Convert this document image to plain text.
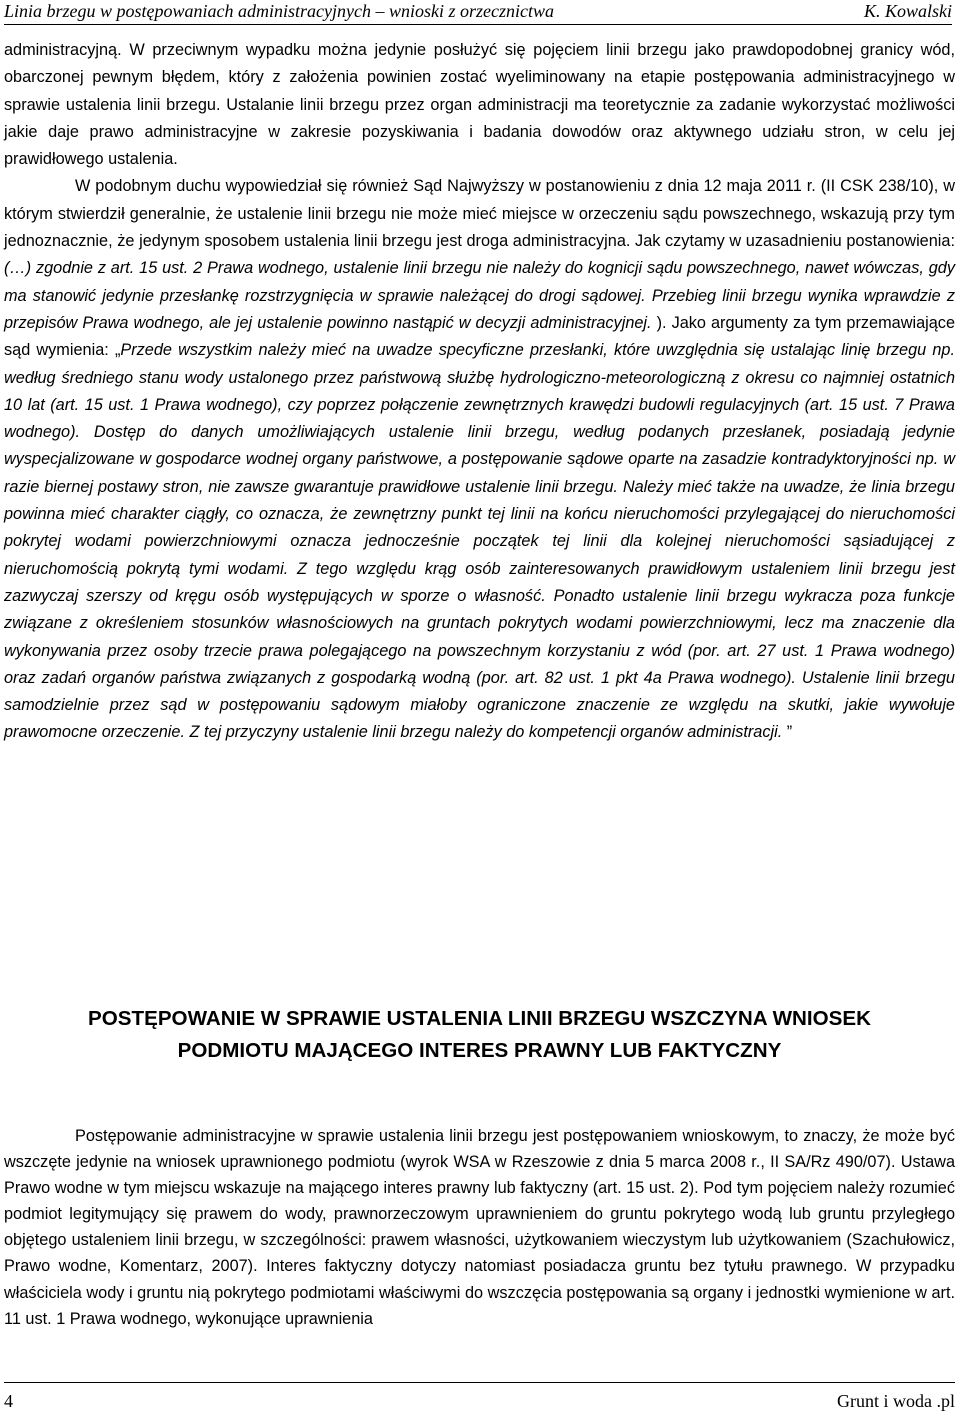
Linia brzegu w postępowaniach administracyjnych – wnioski z orzecznictwa	K. Kowalski

administracyjną. W przeciwnym wypadku można jedynie posłużyć się pojęciem linii brzegu jako prawdopodobnej granicy wód, obarczonej pewnym błędem, który z założenia powinien zostać wyeliminowany na etapie postępowania administracyjnego w sprawie ustalenia linii brzegu. Ustalanie linii brzegu przez organ administracji ma teoretycznie za zadanie wykorzystać możliwości jakie daje prawo administracyjne w zakresie pozyskiwania i badania dowodów oraz aktywnego udziału stron, w celu jej prawidłowego ustalenia.

W podobnym duchu wypowiedział się również Sąd Najwyższy w postanowieniu z dnia 12 maja 2011 r. (II CSK 238/10), w którym stwierdził generalnie, że ustalenie linii brzegu nie może mieć miejsce w orzeczeniu sądu powszechnego, wskazują przy tym jednoznacznie, że jedynym sposobem ustalenia linii brzegu jest droga administracyjna. Jak czytamy w uzasadnieniu postanowienia: (…) zgodnie z art. 15 ust. 2 Prawa wodnego, ustalenie linii brzegu nie należy do kognicji sądu powszechnego, nawet wówczas, gdy ma stanowić jedynie przesłankę rozstrzygnięcia w sprawie należącej do drogi sądowej. Przebieg linii brzegu wynika wprawdzie z przepisów Prawa wodnego, ale jej ustalenie powinno nastąpić w decyzji administracyjnej. ). Jako argumenty za tym przemawiające sąd wymienia: „Przede wszystkim należy mieć na uwadze specyficzne przesłanki, które uwzględnia się ustalając linię brzegu np. według średniego stanu wody ustalonego przez państwową służbę hydrologiczno-meteorologiczną z okresu co najmniej ostatnich 10 lat (art. 15 ust. 1 Prawa wodnego), czy poprzez połączenie zewnętrznych krawędzi budowli regulacyjnych (art. 15 ust. 7 Prawa wodnego). Dostęp do danych umożliwiających ustalenie linii brzegu, według podanych przesłanek, posiadają jedynie wyspecjalizowane w gospodarce wodnej organy państwowe, a postępowanie sądowe oparte na zasadzie kontradyktoryjności np. w razie biernej postawy stron, nie zawsze gwarantuje prawidłowe ustalenie linii brzegu. Należy mieć także na uwadze, że linia brzegu powinna mieć charakter ciągły, co oznacza, że zewnętrzny punkt tej linii na końcu nieruchomości przylegającej do nieruchomości pokrytej wodami powierzchniowymi oznacza jednocześnie początek tej linii dla kolejnej nieruchomości sąsiadującej z nieruchomością pokrytą tymi wodami. Z tego względu krąg osób zainteresowanych prawidłowym ustaleniem linii brzegu jest zazwyczaj szerszy od kręgu osób występujących w sporze o własność. Ponadto ustalenie linii brzegu wykracza poza funkcje związane z określeniem stosunków własnościowych na gruntach pokrytych wodami powierzchniowymi, lecz ma znaczenie dla wykonywania przez osoby trzecie prawa polegającego na powszechnym korzystaniu z wód (por. art. 27 ust. 1 Prawa wodnego) oraz zadań organów państwa związanych z gospodarką wodną (por. art. 82 ust. 1 pkt 4a Prawa wodnego). Ustalenie linii brzegu samodzielnie przez sąd w postępowaniu sądowym miałoby ograniczone znaczenie ze względu na skutki, jakie wywołuje prawomocne orzeczenie. Z tej przyczyny ustalenie linii brzegu należy do kompetencji organów administracji. ”

POSTĘPOWANIE W SPRAWIE USTALENIA LINII BRZEGU WSZCZYNA WNIOSEK
PODMIOTU MAJĄCEGO INTERES PRAWNY LUB FAKTYCZNY

Postępowanie administracyjne w sprawie ustalenia linii brzegu jest postępowaniem wnioskowym, to znaczy, że może być wszczęte jedynie na wniosek uprawnionego podmiotu (wyrok WSA w Rzeszowie z dnia 5 marca 2008 r., II SA/Rz 490/07). Ustawa Prawo wodne w tym miejscu wskazuje na mającego interes prawny lub faktyczny (art. 15 ust. 2). Pod tym pojęciem należy rozumieć podmiot legitymujący się prawem do wody, prawnorzeczowym uprawnieniem do gruntu pokrytego wodą lub gruntu przyległego objętego ustaleniem linii brzegu, w szczególności: prawem własności, użytkowaniem wieczystym lub użytkowaniem (Szachułowicz, Prawo wodne, Komentarz, 2007). Interes faktyczny dotyczy natomiast posiadacza gruntu bez tytułu prawnego. W przypadku właściciela wody i gruntu nią pokrytego podmiotami właściwymi do wszczęcia postępowania są organy i jednostki wymienione w art. 11 ust. 1 Prawa wodnego, wykonujące uprawnienia

4	Grunt i woda .pl
